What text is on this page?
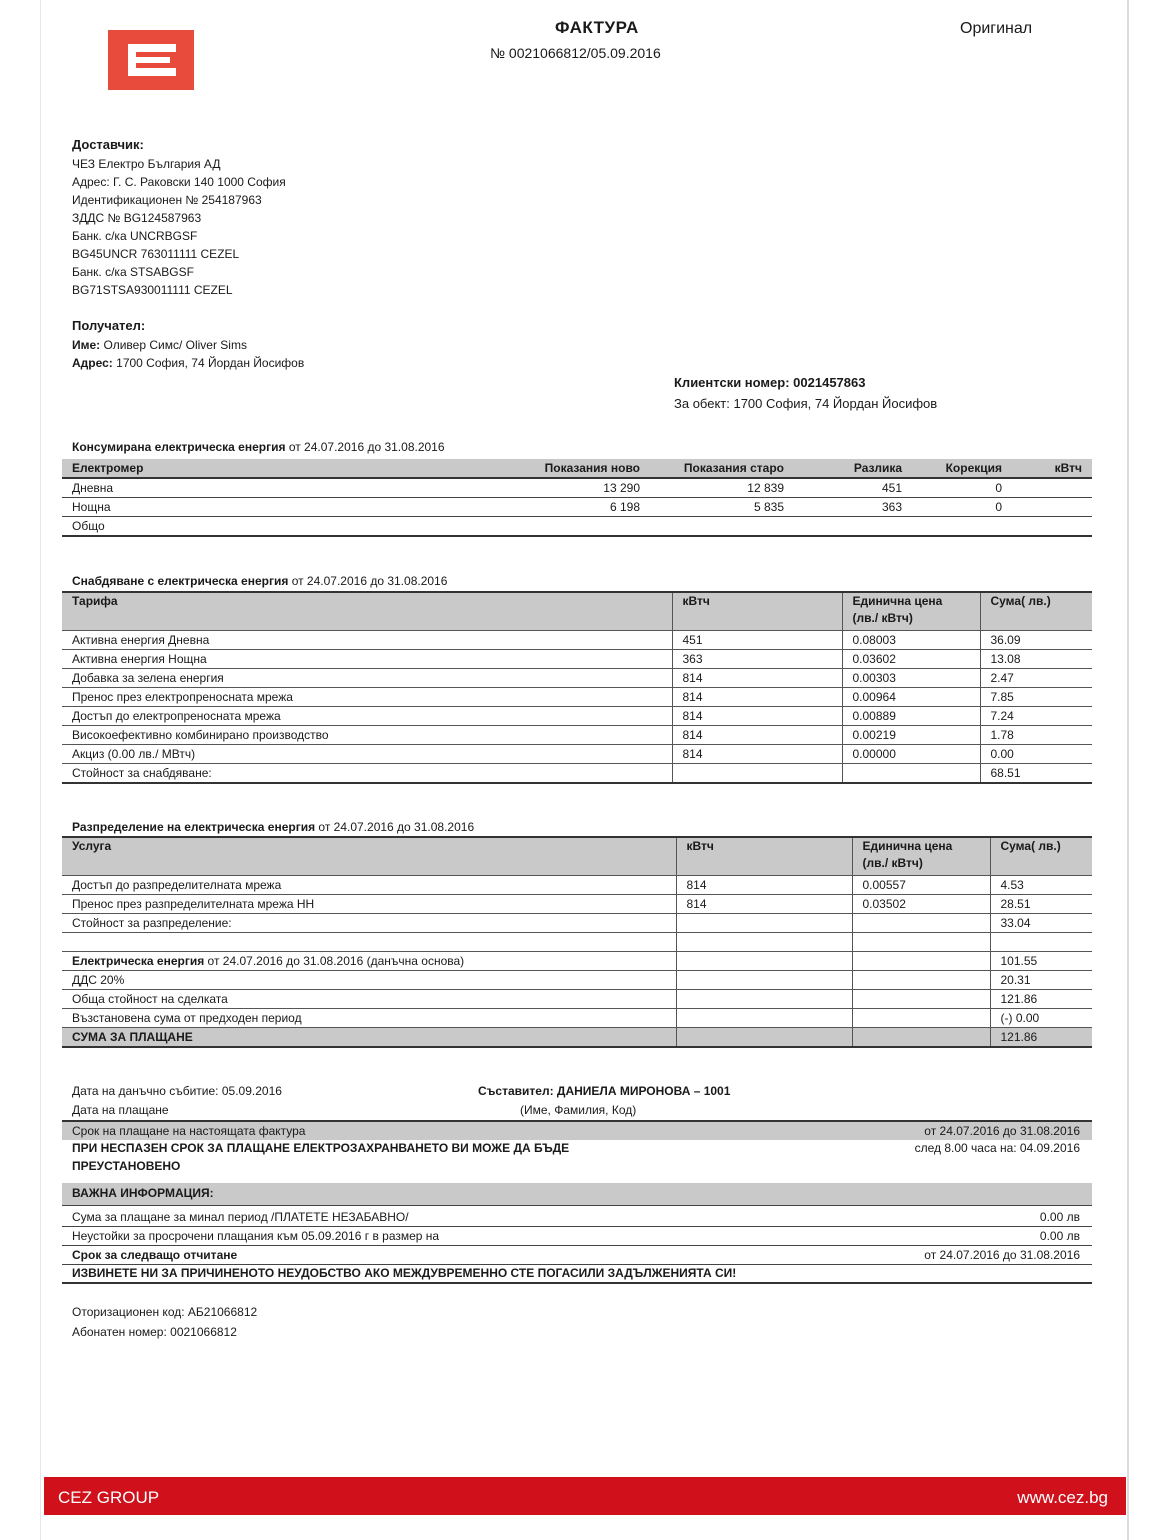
ФАКТУРА
№ 0021066812/05.09.2016
Оригинал
Доставчик:
ЧЕЗ Електро България АД
Адрес: Г. С. Раковски 140 1000 София
Идентификационен № 254187963
ЗДДС № BG124587963
Банк. с/ка UNCRBGSF
BG45UNCR 763011111 CEZEL
Банк. с/ка STSABGSF
BG71STSA930011111 CEZEL
Получател:
Име: Оливер Симс/ Oliver Sims
Адрес: 1700 София, 74 Йордан Йосифов
Клиентски номер: 0021457863
За обект: 1700 София, 74 Йордан Йосифов
Консумирана електрическа енергия от 24.07.2016 до 31.08.2016
Електромер	Показания ново	Показания старо	Разлика	Корекция	кВтч
Дневна	13 290	12 839	451	0	
Нощна	6 198	5 835	363	0	
Общо					
Снабдяване с електрическа енергия от 24.07.2016 до 31.08.2016
Тарифа	кВтч	Единична цена
(лв./ кВтч)	Сума( лв.)
Активна енергия Дневна	451	0.08003	36.09
Активна енергия Нощна	363	0.03602	13.08
Добавка за зелена енергия	814	0.00303	2.47
Пренос през електропреносната мрежа	814	0.00964	7.85
Достъп до електропреносната мрежа	814	0.00889	7.24
Високоефективно комбинирано производство	814	0.00219	1.78
Акциз (0.00 лв./ МВтч)	814	0.00000	0.00
Стойност за снабдяване:			68.51
Разпределение на електрическа енергия от 24.07.2016 до 31.08.2016
Услуга	кВтч	Единична цена
(лв./ кВтч)	Сума( лв.)
Достъп до разпределителната мрежа	814	0.00557	4.53
Пренос през разпределителната мрежа НН	814	0.03502	28.51
Стойност за разпределение:			33.04

Електрическа енергия от 24.07.2016 до 31.08.2016 (данъчна основа)			101.55
ДДС 20%			20.31
Обща стойност на сделката			121.86
Възстановена сума от предходен период			(-) 0.00
СУМА ЗА ПЛАЩАНЕ			121.86
Дата на данъчно събитие: 05.09.2016	Съставител: ДАНИЕЛА МИРОНОВА – 1001
Дата на плащане	(Име, Фамилия, Код)
Срок на плащане на настоящата фактура	от 24.07.2016 до 31.08.2016
ПРИ НЕСПАЗЕН СРОК ЗА ПЛАЩАНЕ ЕЛЕКТРОЗАХРАНВАНЕТО ВИ МОЖЕ ДА БЪДЕ	след 8.00 часа на: 04.09.2016
ПРЕУСТАНОВЕНО
ВАЖНА ИНФОРМАЦИЯ:
Сума за плащане за минал период /ПЛАТЕТЕ НЕЗАБАВНО/	0.00 лв
Неустойки за просрочени плащания към 05.09.2016 г в размер на	0.00 лв
Срок за следващо отчитане	от 24.07.2016 до 31.08.2016
ИЗВИНЕТЕ НИ ЗА ПРИЧИНЕНОТО НЕУДОБСТВО АКО МЕЖДУВРЕМЕННО СТЕ ПОГАСИЛИ ЗАДЪЛЖЕНИЯТА СИ!
Оторизационен код: АБ21066812
Абонатен номер: 0021066812
CEZ GROUP	www.cez.bg
